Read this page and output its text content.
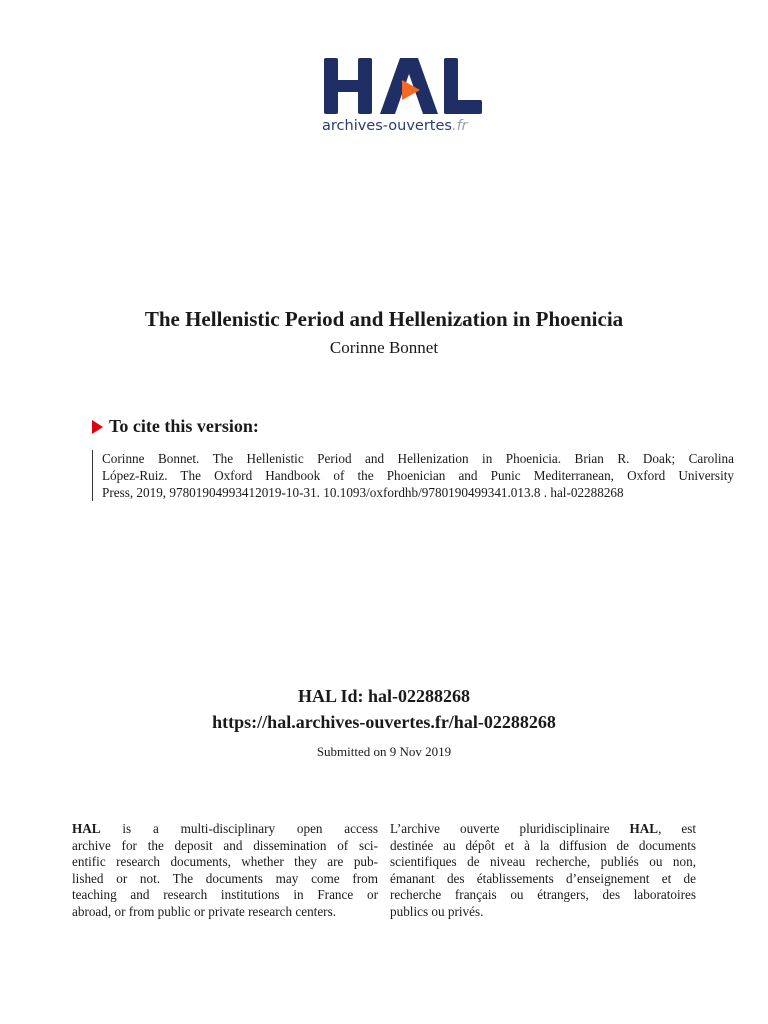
archives-ouvertes.fr
The Hellenistic Period and Hellenization in Phoenicia
Corinne Bonnet
To cite this version:
Corinne Bonnet. The Hellenistic Period and Hellenization in Phoenicia. Brian R. Doak; Carolina
López-Ruiz. The Oxford Handbook of the Phoenician and Punic Mediterranean, Oxford University
Press, 2019, 97801904993412019-10-31. 10.1093/oxfordhb/9780190499341.013.8 . hal-02288268
HAL Id: hal-02288268
https://hal.archives-ouvertes.fr/hal-02288268
Submitted on 9 Nov 2019
HAL is a multi-disciplinary open access
archive for the deposit and dissemination of sci-
entific research documents, whether they are pub-
lished or not. The documents may come from
teaching and research institutions in France or
abroad, or from public or private research centers.
L’archive ouverte pluridisciplinaire HAL, est
destinée au dépôt et à la diffusion de documents
scientifiques de niveau recherche, publiés ou non,
émanant des établissements d’enseignement et de
recherche français ou étrangers, des laboratoires
publics ou privés.
